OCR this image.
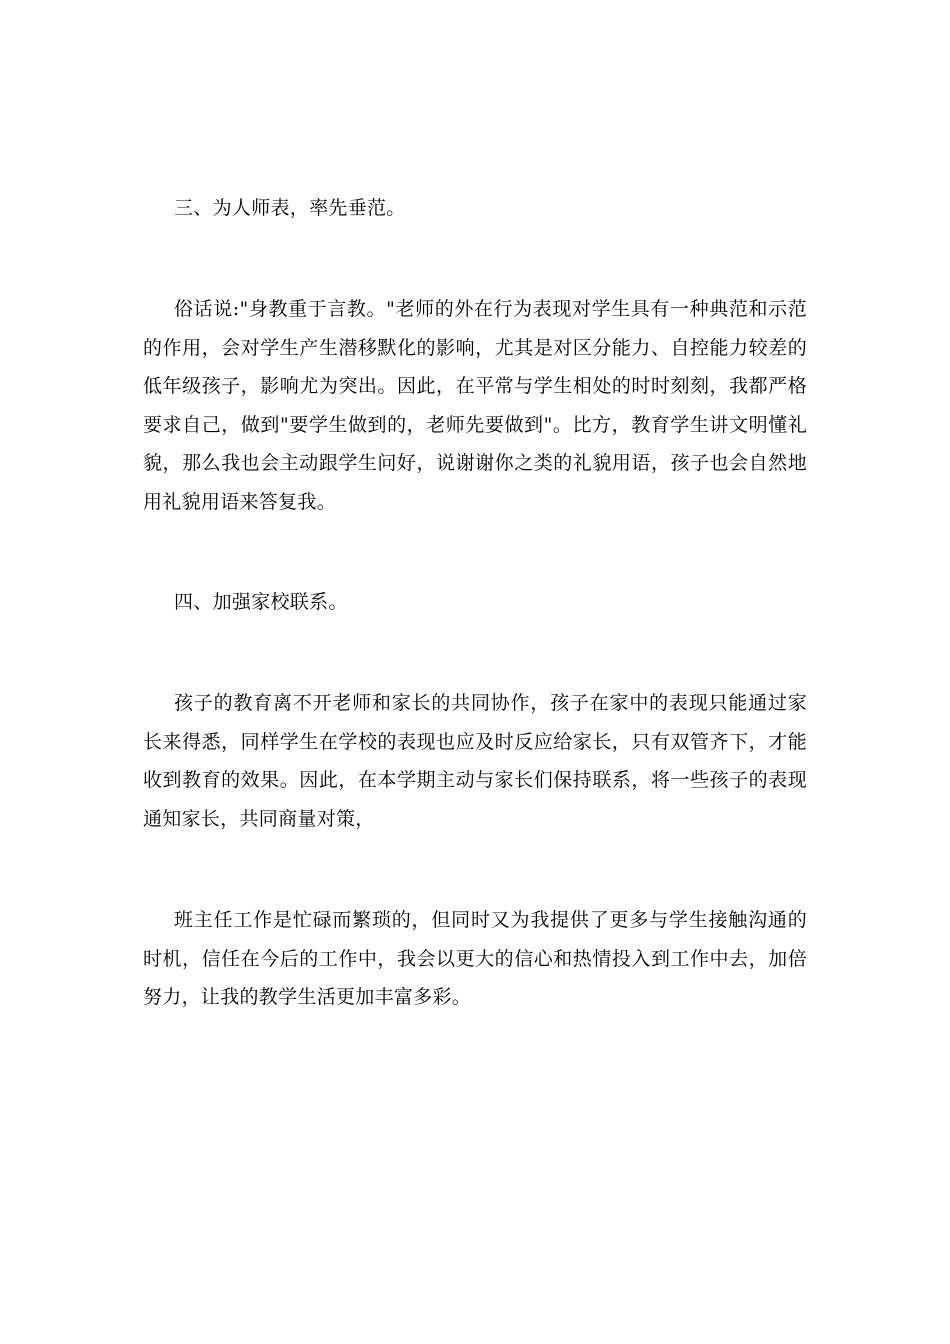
三、为人师表，率先垂范。

俗话说:"身教重于言教。"老师的外在行为表现对学生具有一种典范和示范的作用，会对学生产生潜移默化的影响，尤其是对区分能力、自控能力较差的低年级孩子，影响尤为突出。因此，在平常与学生相处的时时刻刻，我都严格要求自己，做到"要学生做到的，老师先要做到"。比方，教育学生讲文明懂礼貌，那么我也会主动跟学生问好，说谢谢你之类的礼貌用语，孩子也会自然地用礼貌用语来答复我。

四、加强家校联系。

孩子的教育离不开老师和家长的共同协作，孩子在家中的表现只能通过家长来得悉，同样学生在学校的表现也应及时反应给家长，只有双管齐下，才能收到教育的效果。因此，在本学期主动与家长们保持联系，将一些孩子的表现通知家长，共同商量对策，

班主任工作是忙碌而繁琐的，但同时又为我提供了更多与学生接触沟通的时机，信任在今后的工作中，我会以更大的信心和热情投入到工作中去，加倍努力，让我的教学生活更加丰富多彩。
